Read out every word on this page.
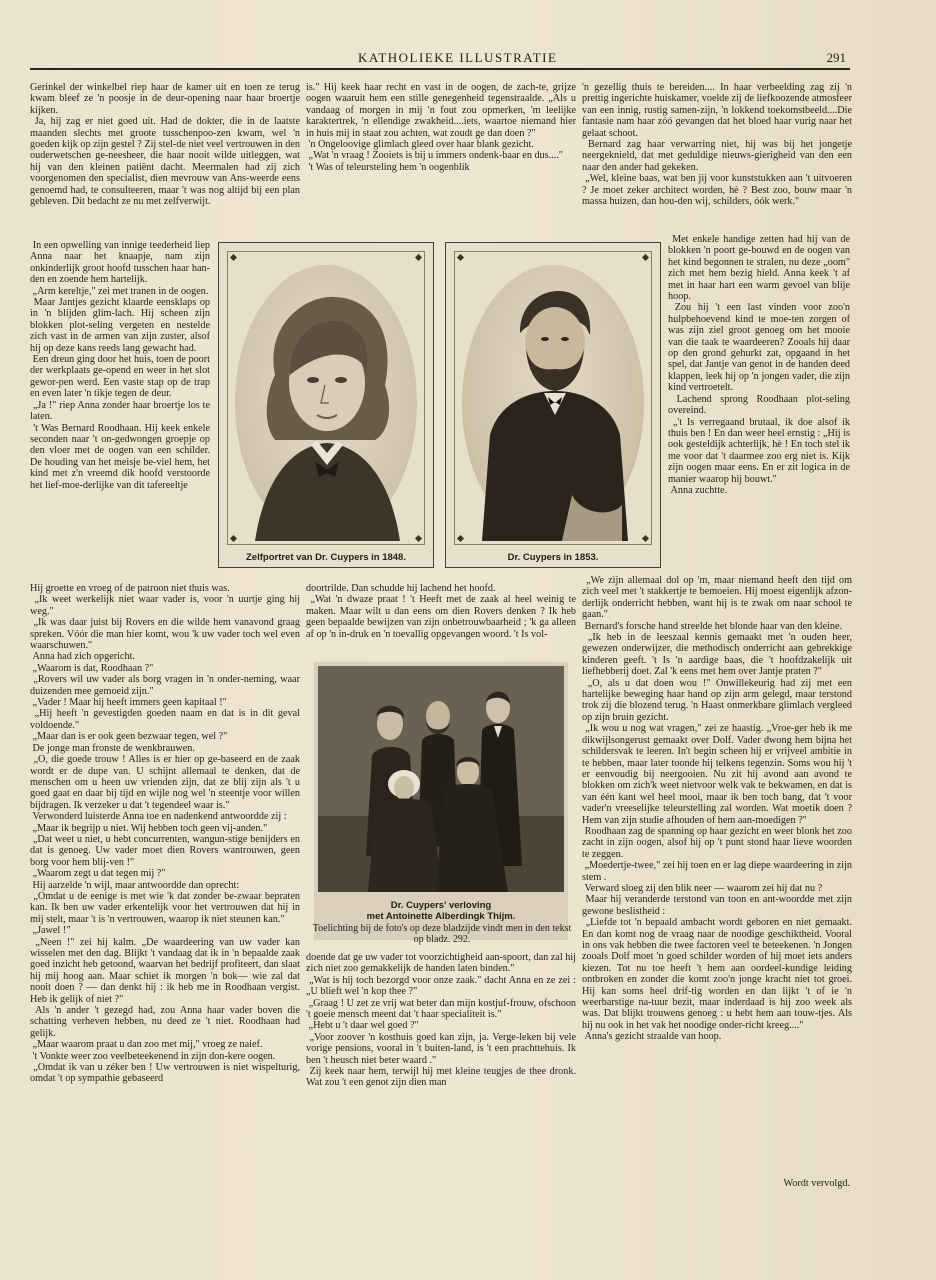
KATHOLIEKE ILLUSTRATIE	291
Gerinkel der winkelbel riep haar de kamer uit en toen ze terug kwam bleef ze 'n poosje in de deur-opening naar haar broertje kijken.
Ja, hij zag er niet goed uit. Had de dokter, die in de laatste maanden slechts met groote tusschenpoo-zen kwam, wel 'n goeden kijk op zijn gestel ? Zij stel-de niet veel vertrouwen in den ouderwetschen ge-neesheer, die haar nooit wilde uitleggen, wat hij van den kleinen patiënt dacht. Meermalen had zij zich voorgenomen den specialist, dien mevrouw van Ans-weerde eens genoemd had, te consulteeren, maar 't was nog altijd bij een plan gebleven. Dit bedacht ze nu met zelfverwijt.
In een opwelling van innige teederheid liep Anna naar het knaapje, nam zijn onkinderlijk groot hoofd tusschen haar han-den en zoende hem hartelijk.
„Arm kereltje," zei met tranen in de oogen.
Maar Jantjes gezicht klaarde eensklaps op in 'n blijden glim-lach. Hij scheen zijn blokken plot-seling vergeten en nestelde zich vast in de armen van zijn zuster, alsof hij op deze kans reeds lang gewacht had.
Een dreun ging door het huis, toen de poort der werkplaats ge-opend en weer in het slot gewor-pen werd. Een vaste stap op de trap en even later 'n tikje tegen de deur.
„Ja !" riep Anna zonder haar broertje los te laten.
't Was Bernard Roodhaan. Hij keek enkele seconden naar 't on-gedwongen groepje op den vloer met de oogen van een schilder. De houding van het meisje be-viel hem, het kind met z'n vreemd dik hoofd verstoorde het lief-moe-derlijke van dit tafereeltje
Hij groette en vroeg of de patroon niet thuis was.
„Ik weet werkelijk niet waar vader is, voor 'n uurtje ging hij weg."
„Ik was daar juist bij Rovers en die wilde hem vanavond graag spreken. Vóór die man hier komt, wou 'k uw vader toch wel even waarschuwen."
Anna had zich opgericht.
„Waarom is dat, Roodhaan ?"
„Rovers wil uw vader als borg vragen in 'n onder-neming, waar duizenden mee gemoeid zijn."
„Vader ! Maar hij heeft immers geen kapitaal !"
„Hij heeft 'n gevestigden goeden naam en dat is in dit geval voldoende."
„Maar dan is er ook geen bezwaar tegen, wel ?"
De jonge man fronste de wenkbrauwen.
„O, die goede trouw ! Alles is er hier op ge-baseerd en de zaak wordt er de dupe van. U schijnt allemaal te denken, dat de menschen om u heen uw vrienden zijn, dat ze blij zijn als 't u goed gaat en daar bij tijd en wijle nog wel 'n steentje voor willen bijdragen. Ik verzeker u dat 't tegendeel waar is."
Verwonderd luisterde Anna toe en nadenkend antwoordde zij :
„Maar ik begrijp u niet. Wij hebben toch geen vij-anden."
„Dat weet u niet, u hebt concurrenten, wangun-stige benijders en dat is genoeg. Uw vader moet dien Rovers wantrouwen, geen borg voor hem blij-ven !"
„Waarom zegt u dat tegen mij ?"
Hij aarzelde 'n wijl, maar antwoordde dan oprecht:
„Omdat u de eenige is met wie 'k dat zonder be-zwaar bepraten kan. Ik ben uw vader erkentelijk voor het vertrouwen dat hij in mij stelt, maar 't is 'n vertrouwen, waarop ik niet steunen kan."
„Jawel !"
„Neen !" zei hij kalm. „De waardeering van uw vader kan wisselen met den dag. Blijkt 't vandaag dat ik in 'n bepaalde zaak goed inzicht heb getoond, waarvan het bedrijf profiteert, dan slaat hij mij hoog aan. Maar schiet ik morgen 'n bok— wie zal dat nooit doen ? — dan denkt hij : ik heb me in Roodhaan vergist. Heb ik gelijk of niet ?"
Als 'n ander 't gezegd had, zou Anna haar vader boven die schatting verheven hebben, nu deed ze 't niet. Roodhaan had gelijk.
„Maar waarom praat u dan zoo met mij," vroeg ze naief.
't Vonkte weer zoo veelbeteekenend in zijn don-kere oogen.
„Omdat ik van u zéker ben ! Uw vertrouwen is niet wispelturig, omdat 't op sympathie gebaseerd
is." Hij keek haar recht en vast in de oogen, de zach-te, grijze oogen waaruit hem een stille genegenheid tegenstraalde. „Als u vandaag of morgen in mij 'n fout zou opmerken, 'm leelijke karaktertrek, 'n ellendige zwakheid....iets, waartoe niemand hier in huis mij in staat zou achten, wat zoudt ge dan doen ?"
'n Ongeloovige glimlach gleed over haar blank gezicht.
„Wat 'n vraag ! Zooiets is bij u immers ondenk-baar en dus...."
't Was of teleursteling hem 'n oogenblik
doortrilde. Dan schudde hij lachend het hoofd.
„Wat 'n dwaze praat ! 't Heeft met de zaak al heel weinig te maken. Maar wilt u dan eens om dien Rovers denken ? Ik heb geen bepaalde bewijzen van zijn onbetrouwbaarheid ; 'k ga alleen af op 'n in-druk en 'n toevallig opgevangen woord. 't Is vol-
doende dat ge uw vader tot voorzichtigheid aan-spoort, dan zal hij zich niet zoo gemakkelijk de handen laten binden."
„Wat is hij toch bezorgd voor onze zaak." dacht Anna en ze zei : „U blieft wel 'n kop thee ?"
„Graag ! U zet ze vrij wat beter dan mijn kostjuf-frouw, ofschoon 't goeie mensch meent dat 't haar specialiteit is."
„Hebt u 't daar wel goed ?"
„Voor zoover 'n kosthuis goed kan zijn, ja. Verge-leken bij vele vorige pensions, vooral in 't buiten-land, is 't een prachttehuis. Ik ben 't heusch niet beter waard ."
Zij keek naar hem, terwijl hij met kleine teugjes de thee dronk. Wat zou 't een genot zijn dien man
'n gezellig thuis te bereiden.... In haar verbeelding zag zij 'n prettig ingerichte huiskamer, voelde zij de liefkoozende atmosfeer van een innig, rustig samen-zijn, 'n lokkend toekomstbeeld....Die fantasie nam haar zóó gevangen dat het bloed haar vurig naar het gelaat schoot.
Bernard zag haar verwarring niet, hij was bij het jongetje neergeknield, dat met geduldige nieuws-gierigheid van den een naar den ander had gekeken.
„Wel, kleine baas, wat ben jij voor kunststukken aan 't uitvoeren ? Je moet zeker architect worden, hè ? Best zoo, bouw maar 'n massa huizen, dan hou-den wij, schilders, óók werk."
Met enkele handige zetten had hij van de blokken 'n poort ge-bouwd en de oogen van het kind begonnen te stralen, nu deze „oom" zich met hem bezig hield. Anna keek 't af met in haar hart een warm gevoel van blije hoop.
Zou hij 't een last vinden voor zoo'n hulpbehoevend kind te moe-ten zorgen of was zijn ziel groot genoeg om het mooie van die taak te waardeeren? Zooals hij daar op den grond gehurkt zat, opgaand in het spel, dat Jantje van genot in de handen deed klappen, leek hij op 'n jongen vader, die zijn kind vertroetelt.
Lachend sprong Roodhaan plot-seling overeind.
„'t Is verregaand brutaal, ik doe alsof ik thuis ben ! En dan weer heel ernstig : „Hij is ook gesteldijk achterlijk, hè ! En toch stel ik me voor dat 't daarmee zoo erg niet is. Kijk zijn oogen maar eens. En er zit logica in de manier waarop hij bouwt."
Anna zuchtte.
„We zijn allemaal dol op 'm, maar niemand heeft den tijd om zich veel met 't stakkertje te bemoeien. Hij moest eigenlijk afzon-derlijk onderricht hebben, want hij is te zwak om naar school te gaan."
Bernard's forsche hand streelde het blonde haar van den kleine.
„Ik heb in de leeszaal kennis gemaakt met 'n ouden heer, gewezen onderwijzer, die methodisch onderricht aan gebrekkige kinderen geeft. 't Is 'n aardige baas, die 't hoofdzakelijk uit liefhebberij doet. Zal 'k eens met hem over Jantje praten ?"
„O, als u dat doen wou !" Onwillekeurig had zij met een hartelijke beweging haar hand op zijn arm gelegd, maar terstond trok zij die blozend terug. 'n Haast onmerkbare glimlach vergleed op zijn bruin gezicht.
„Ik wou u nog wat vragen," zei ze haastig. „Vroe-ger heb ik me dikwijlsongerust gemaakt over Dolf. Vader dwong hem bijna het schildersvak te leeren. In't begin scheen hij er vrijveel ambitie in te hebben, maar later toonde hij telkens tegenzin. Soms wou hij 't er eenvoudig bij neergooien. Nu zit hij avond aan avond te blokken om zich'k weet nietvoor welk vak te bekwamen, en dat is van één kant wel heel mooi, maar ik ben toch bang, dat 't voor vader'n vreeselijke teleurstelling zal worden. Wat moetik doen ? Hem van zijn studie afhouden of hem aan-moedigen ?"
Roodhaan zag de spanning op haar gezicht en weer blonk het zoo zacht in zijn oogen, alsof hij op 't punt stond haar lieve woorden te zeggen.
„Moedertje-twee," zei hij toen en er lag diepe waardeering in zijn stem .
Verward sloeg zij den blik neer — waarom zei hij dat nu ?
Maar hij veranderde terstond van toon en ant-woordde met zijn gewone beslistheid :
„Liefde tot 'n bepaald ambacht wordt geboren en niet gemaakt. En dan komt nog de vraag naar de noodige geschiktheid. Vooral in ons vak hebben die twee factoren veel te beteekenen. 'n Jongen zooals Dolf moet 'n goed schilder worden of hij moet iets anders kiezen. Tot nu toe heeft 't hem aan oordeel-kundige leiding ontbroken en zonder die komt zoo'n jonge kracht niet tot groei. Hij kan soms heel drif-tig worden en dan lijkt 't of ie 'n weerbarstige na-tuur bezit, maar inderdaad is hij zoo week als was. Dat blijkt trouwens genoeg : u hebt hem aan touw-tjes. Als hij nu ook in het vak het noodige onder-richt kreeg...."
Anna's gezicht straalde van hoop.
Wordt vervolgd.
Zelfportret van Dr. Cuypers in 1848.	Dr. Cuypers in 1853.
Dr. Cuypers' verloving
met Antoinette Alberdingk Thijm.
Toelichting bij de foto's op deze bladzijde vindt men in den tekst op bladz. 292.
